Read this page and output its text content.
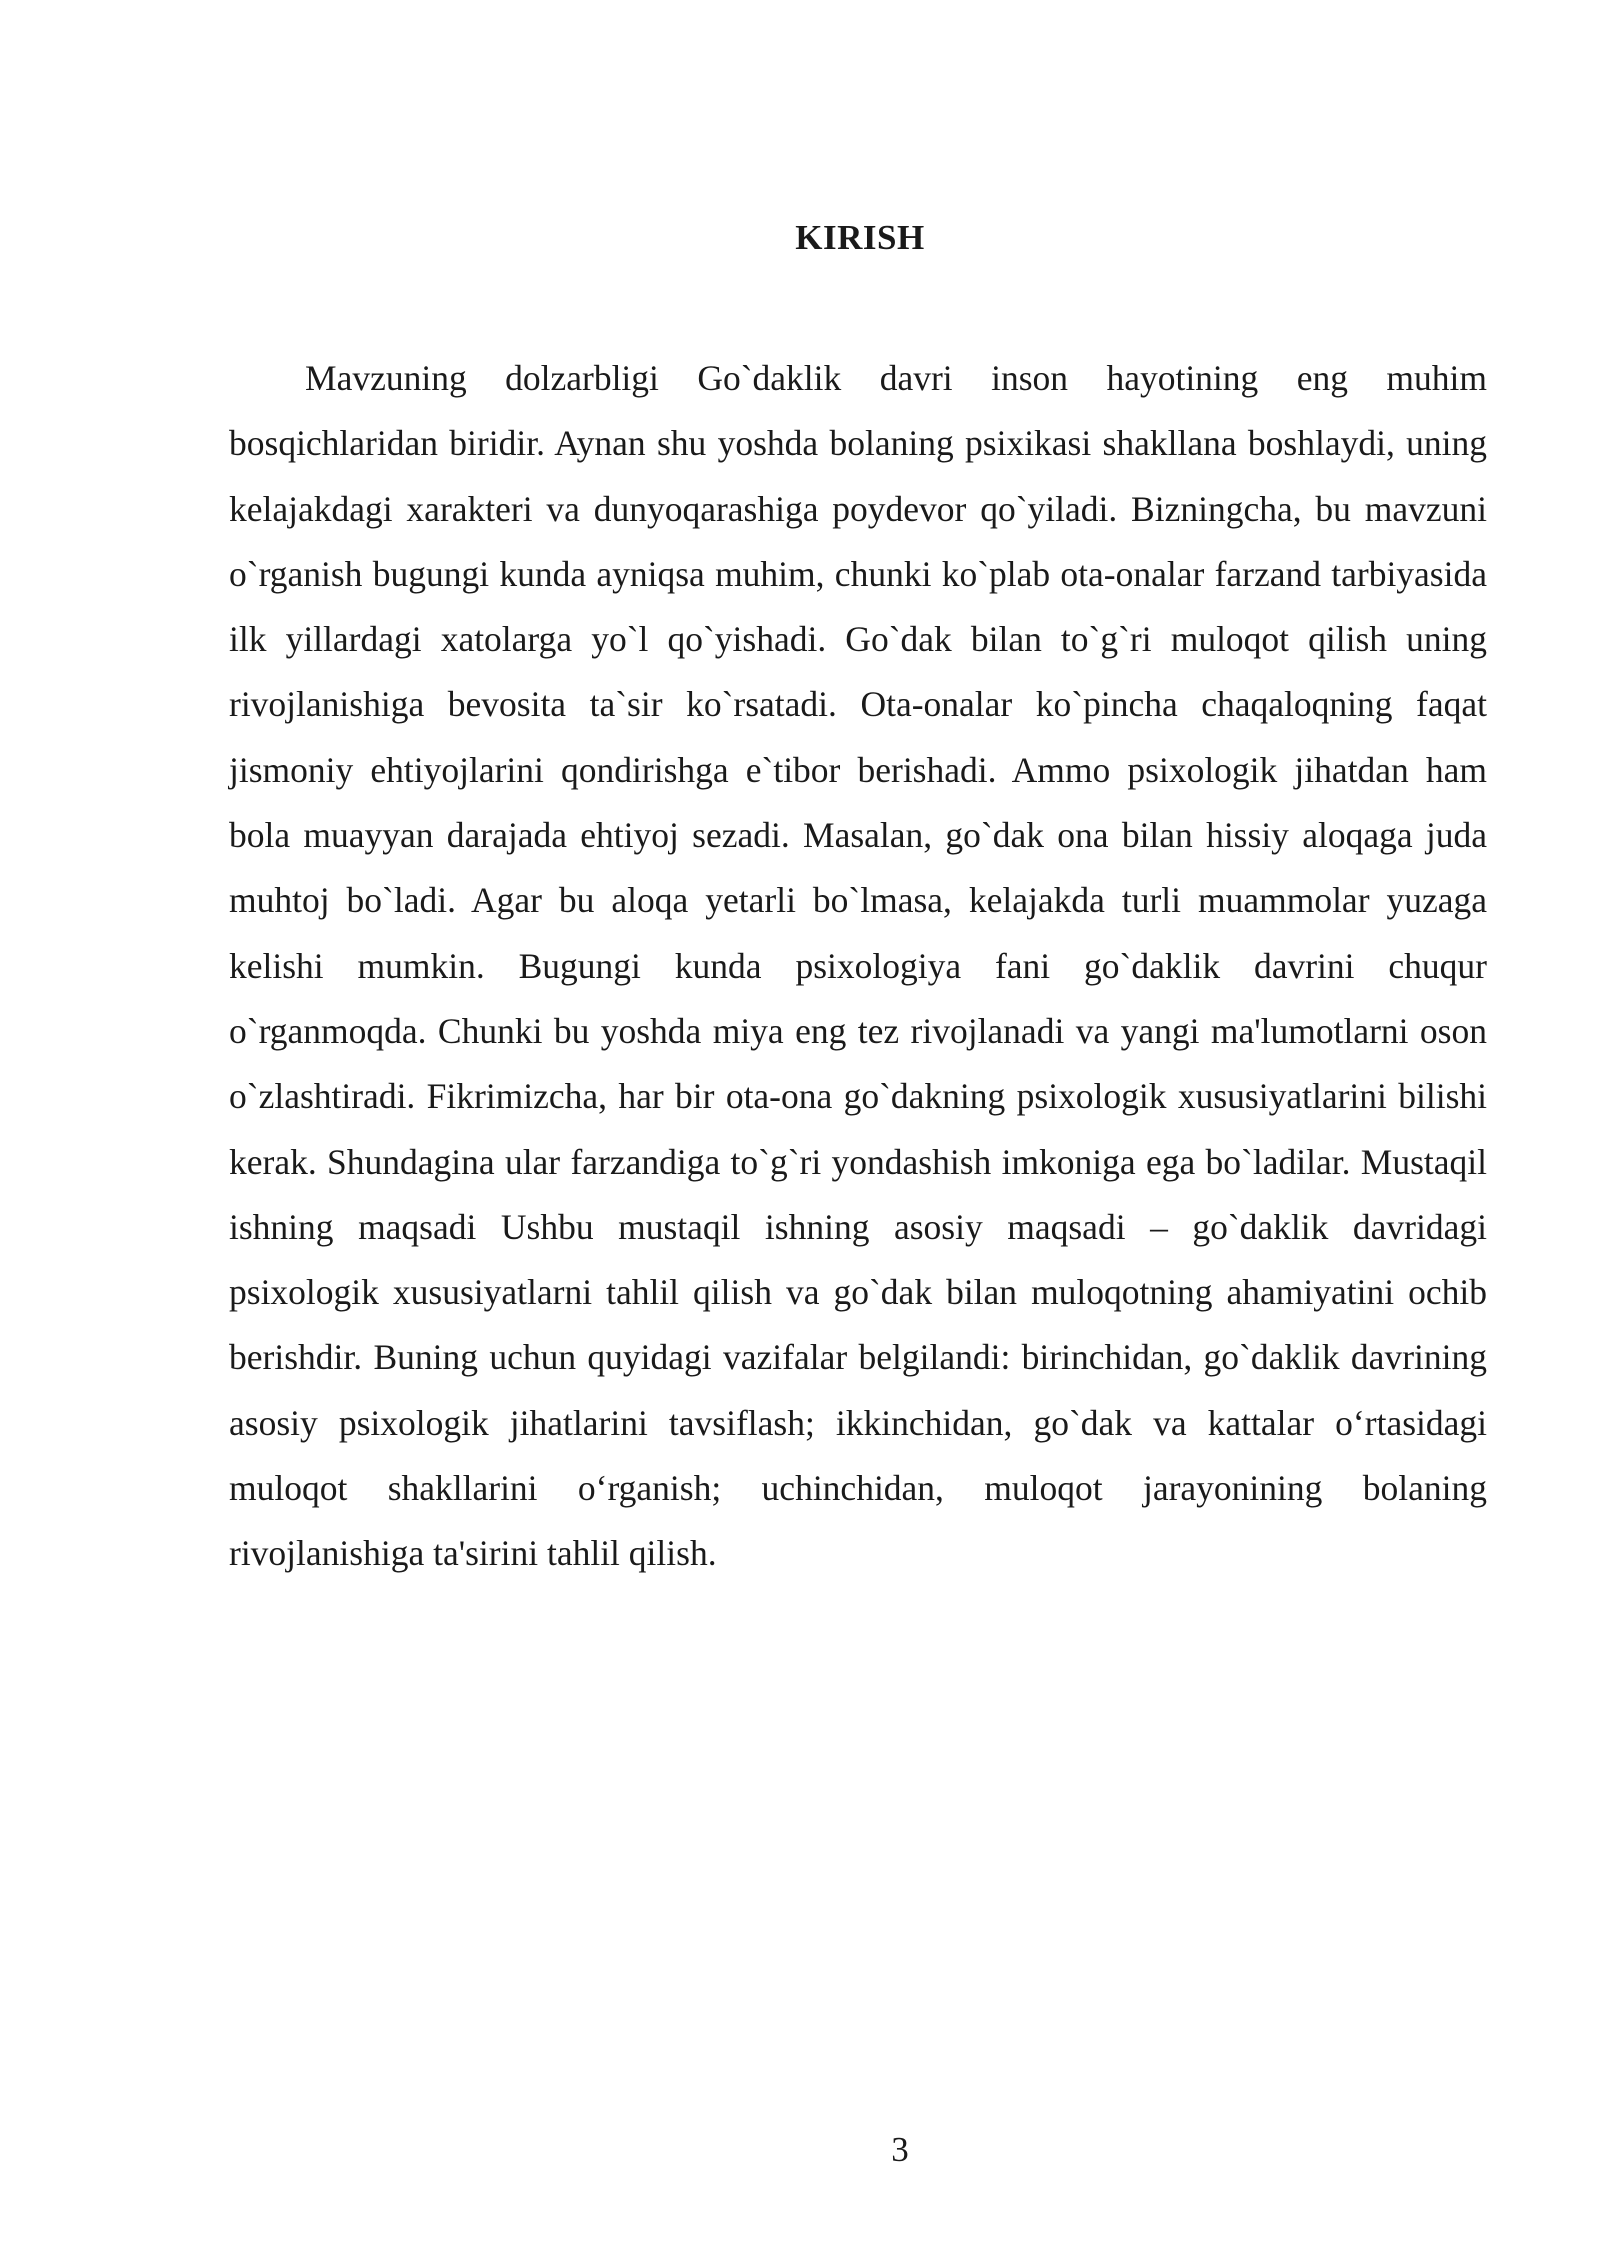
KIRISH

Mavzuning dolzarbligi Go`daklik davri inson hayotining eng muhim bosqichlaridan biridir. Aynan shu yoshda bolaning psixikasi shakllana boshlaydi, uning kelajakdagi xarakteri va dunyoqarashiga poydevor qo`yiladi. Bizningcha, bu mavzuni o`rganish bugungi kunda ayniqsa muhim, chunki ko`plab ota-onalar farzand tarbiyasida ilk yillardagi xatolarga yo`l qo`yishadi. Go`dak bilan to`g`ri muloqot qilish uning rivojlanishiga bevosita ta`sir ko`rsatadi. Ota-onalar ko`pincha chaqaloqning faqat jismoniy ehtiyojlarini qondirishga e`tibor berishadi. Ammo psixologik jihatdan ham bola muayyan darajada ehtiyoj sezadi. Masalan, go`dak ona bilan hissiy aloqaga juda muhtoj bo`ladi. Agar bu aloqa yetarli bo`lmasa, kelajakda turli muammolar yuzaga kelishi mumkin. Bugungi kunda psixologiya fani go`daklik davrini chuqur o`rganmoqda. Chunki bu yoshda miya eng tez rivojlanadi va yangi ma'lumotlarni oson o`zlashtiradi. Fikrimizcha, har bir ota-ona go`dakning psixologik xususiyatlarini bilishi kerak. Shundagina ular farzandiga to`g`ri yondashish imkoniga ega bo`ladilar. Mustaqil ishning maqsadi Ushbu mustaqil ishning asosiy maqsadi – go`daklik davridagi psixologik xususiyatlarni tahlil qilish va go`dak bilan muloqotning ahamiyatini ochib berishdir. Buning uchun quyidagi vazifalar belgilandi: birinchidan, go`daklik davrining asosiy psixologik jihatlarini tavsiflash; ikkinchidan, go`dak va kattalar o‘rtasidagi muloqot shakllarini o‘rganish; uchinchidan, muloqot jarayonining bolaning rivojlanishiga ta'sirini tahlil qilish.

3
